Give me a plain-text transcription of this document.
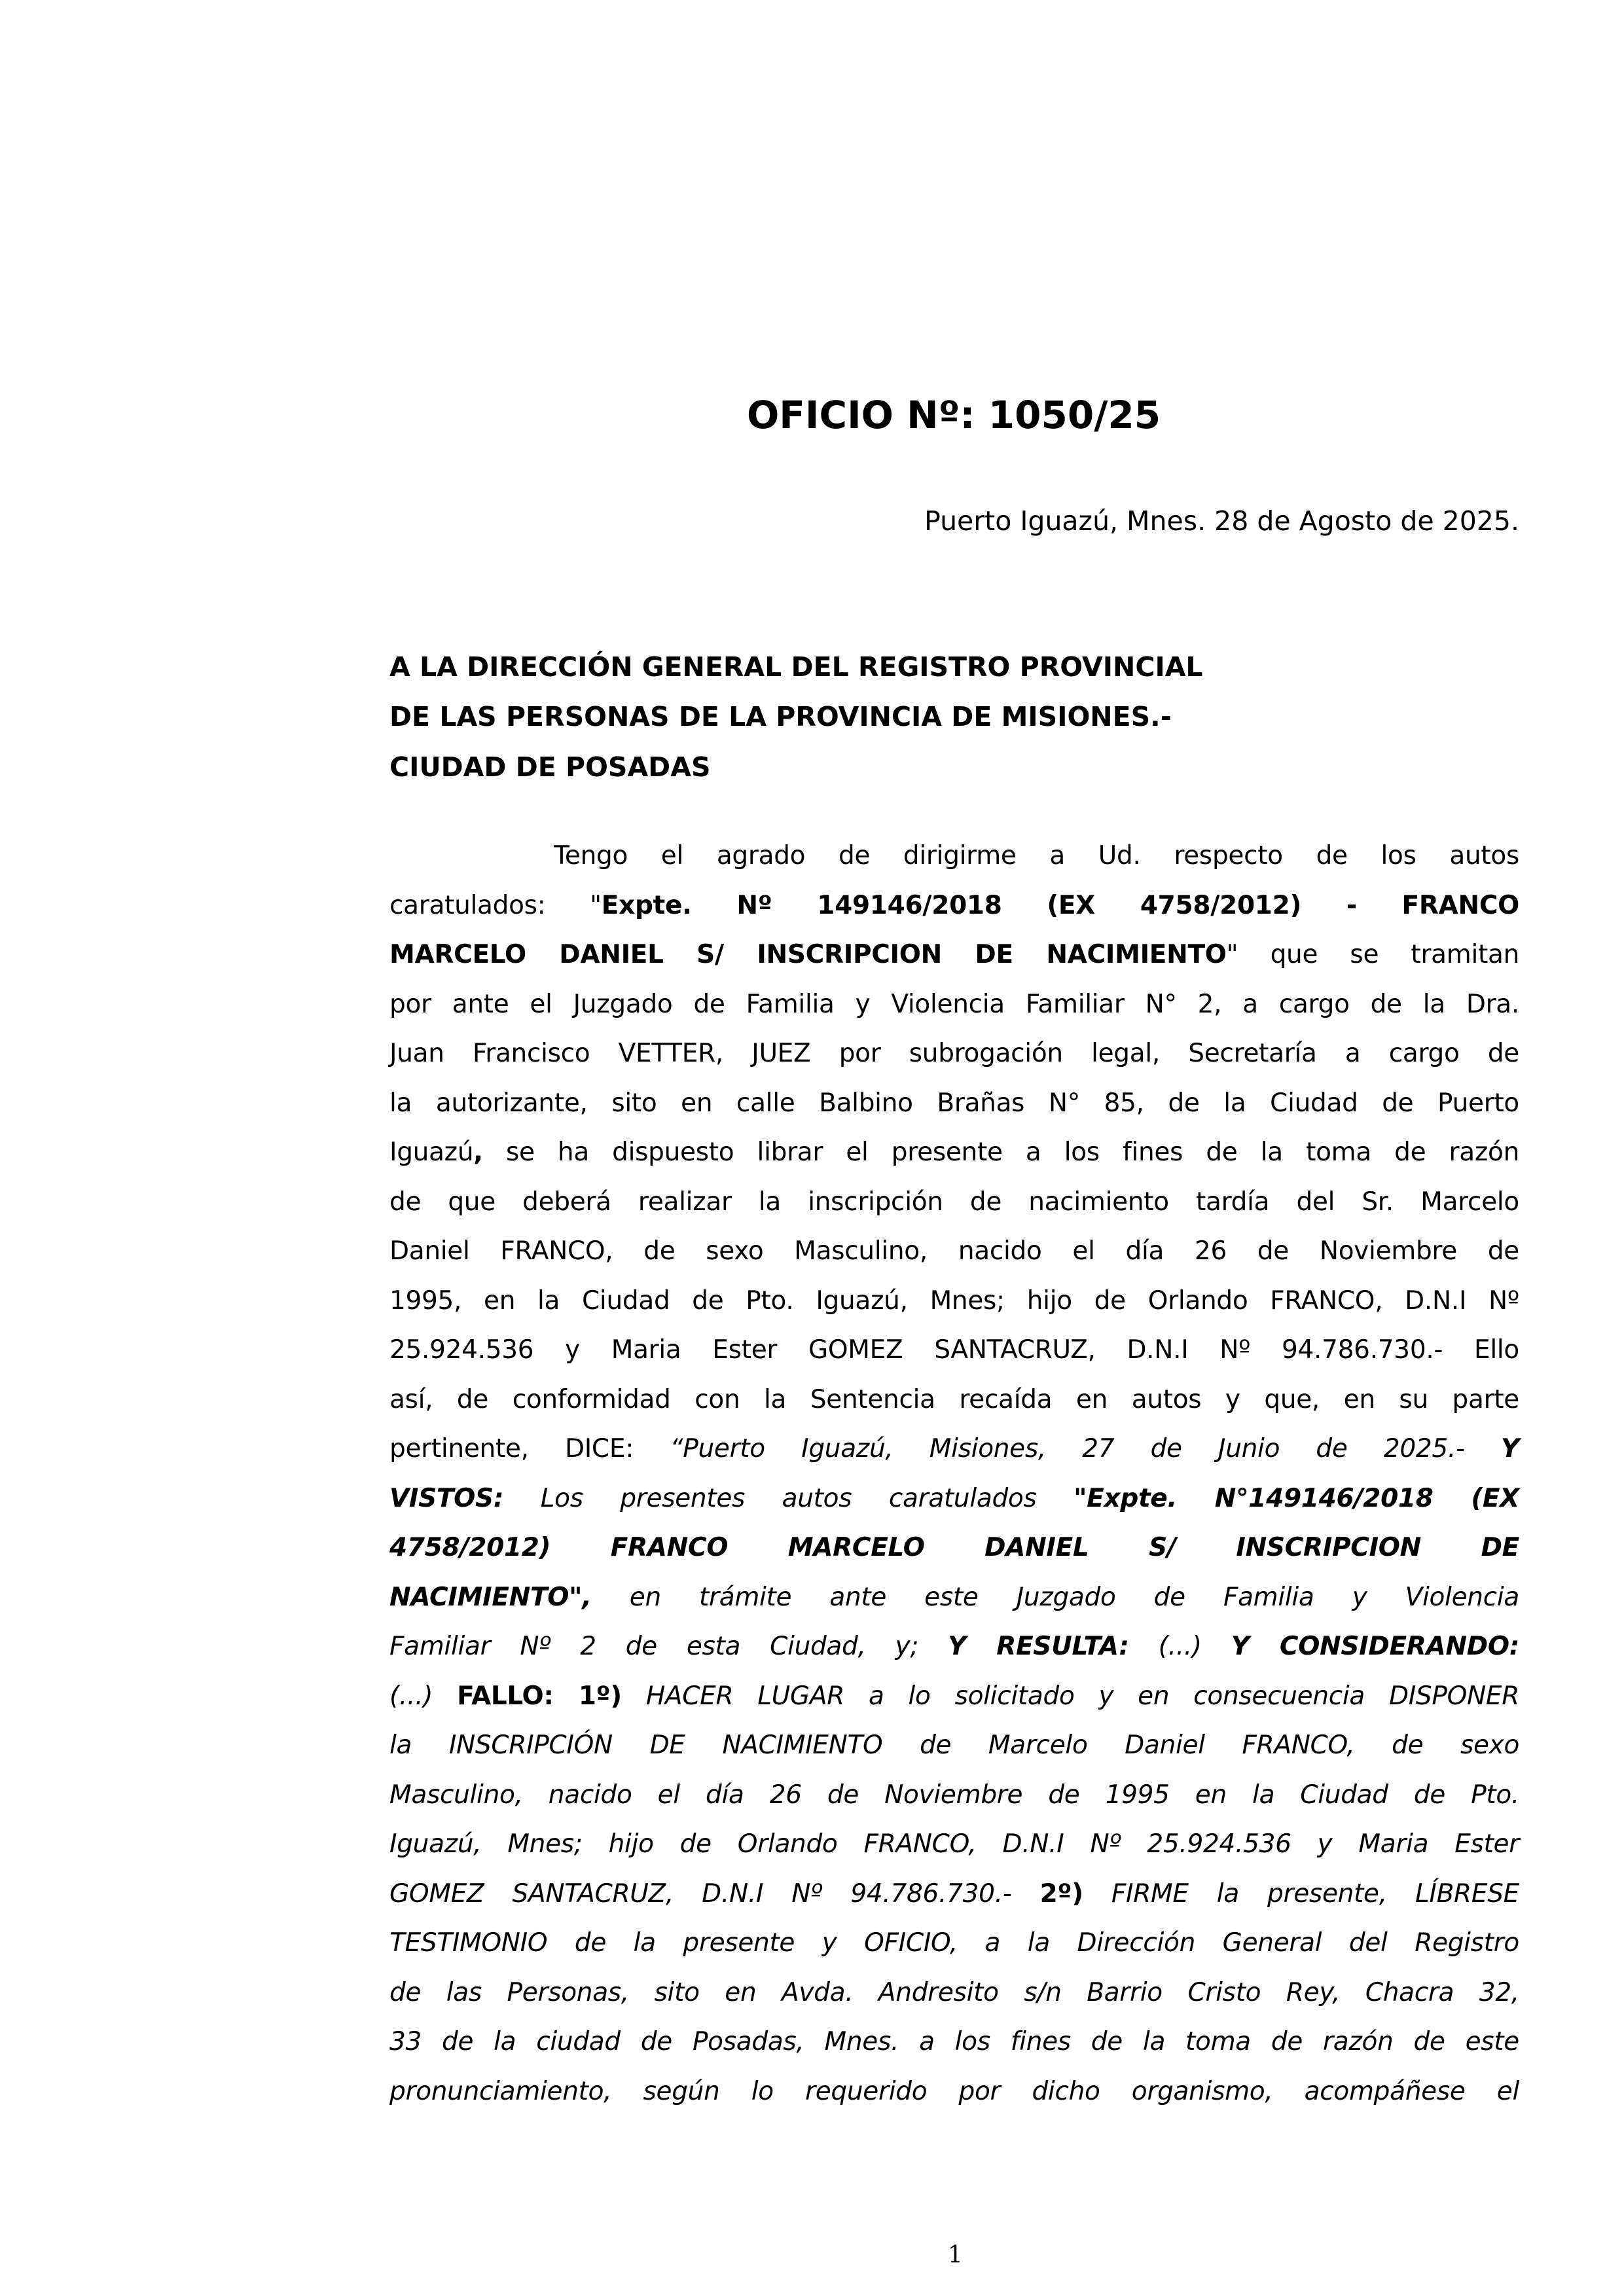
OFICIO Nº: 1050/25
Puerto Iguazú, Mnes. 28 de Agosto de 2025.
A LA DIRECCIÓN GENERAL DEL REGISTRO PROVINCIAL
DE LAS PERSONAS DE LA PROVINCIA DE MISIONES.-
CIUDAD DE POSADAS
Tengo el agrado de dirigirme a Ud. respecto de los autos
caratulados: "Expte. Nº 149146/2018 (EX 4758/2012) - FRANCO
MARCELO DANIEL S/ INSCRIPCION DE NACIMIENTO" que se tramitan
por ante el Juzgado de Familia y Violencia Familiar N° 2, a cargo de la Dra.
Juan Francisco VETTER, JUEZ por subrogación legal, Secretaría a cargo de
la autorizante, sito en calle Balbino Brañas N° 85, de la Ciudad de Puerto
Iguazú, se ha dispuesto librar el presente a los fines de la toma de razón
de que deberá realizar la inscripción de nacimiento tardía del Sr. Marcelo
Daniel FRANCO, de sexo Masculino, nacido el día 26 de Noviembre de
1995, en la Ciudad de Pto. Iguazú, Mnes; hijo de Orlando FRANCO, D.N.I Nº
25.924.536 y Maria Ester GOMEZ SANTACRUZ, D.N.I Nº 94.786.730.- Ello
así, de conformidad con la Sentencia recaída en autos y que, en su parte
pertinente, DICE: “Puerto Iguazú, Misiones, 27 de Junio de 2025.- Y
VISTOS: Los presentes autos caratulados "Expte. N°149146/2018 (EX
4758/2012) FRANCO MARCELO DANIEL S/ INSCRIPCION DE
NACIMIENTO", en trámite ante este Juzgado de Familia y Violencia
Familiar Nº 2 de esta Ciudad, y; Y RESULTA: (...) Y CONSIDERANDO:
(...) FALLO: 1º) HACER LUGAR a lo solicitado y en consecuencia DISPONER
la INSCRIPCIÓN DE NACIMIENTO de Marcelo Daniel FRANCO, de sexo
Masculino, nacido el día 26 de Noviembre de 1995 en la Ciudad de Pto.
Iguazú, Mnes; hijo de Orlando FRANCO, D.N.I Nº 25.924.536 y Maria Ester
GOMEZ SANTACRUZ, D.N.I Nº 94.786.730.- 2º) FIRME la presente, LÍBRESE
TESTIMONIO de la presente y OFICIO, a la Dirección General del Registro
de las Personas, sito en Avda. Andresito s/n Barrio Cristo Rey, Chacra 32,
33 de la ciudad de Posadas, Mnes. a los fines de la toma de razón de este
pronunciamiento, según lo requerido por dicho organismo, acompáñese el
1
